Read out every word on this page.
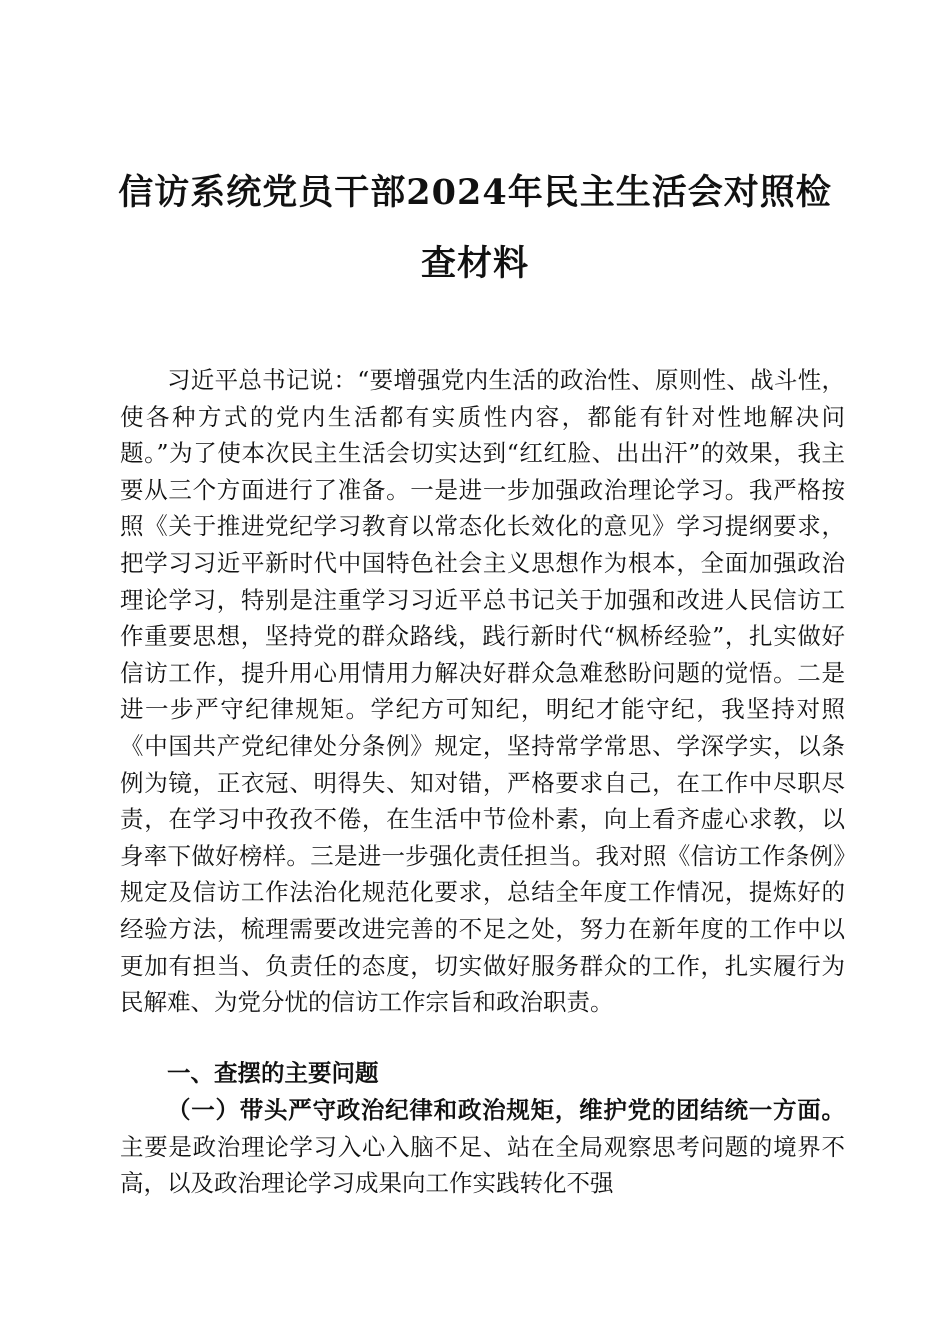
信访系统党员干部2024年民主生活会对照检
查材料

习近平总书记说：“要增强党内生活的政治性、原则性、战斗性，使各种方式的党内生活都有实质性内容，都能有针对性地解决问题。”为了使本次民主生活会切实达到“红红脸、出出汗”的效果，我主要从三个方面进行了准备。一是进一步加强政治理论学习。我严格按照《关于推进党纪学习教育以常态化长效化的意见》学习提纲要求，把学习习近平新时代中国特色社会主义思想作为根本，全面加强政治理论学习，特别是注重学习习近平总书记关于加强和改进人民信访工作重要思想，坚持党的群众路线，践行新时代“枫桥经验”，扎实做好信访工作，提升用心用情用力解决好群众急难愁盼问题的觉悟。二是进一步严守纪律规矩。学纪方可知纪，明纪才能守纪，我坚持对照《中国共产党纪律处分条例》规定，坚持常学常思、学深学实，以条例为镜，正衣冠、明得失、知对错，严格要求自己，在工作中尽职尽责，在学习中孜孜不倦，在生活中节俭朴素，向上看齐虚心求教，以身率下做好榜样。三是进一步强化责任担当。我对照《信访工作条例》规定及信访工作法治化规范化要求，总结全年度工作情况，提炼好的经验方法，梳理需要改进完善的不足之处，努力在新年度的工作中以更加有担当、负责任的态度，切实做好服务群众的工作，扎实履行为民解难、为党分忧的信访工作宗旨和政治职责。

一、查摆的主要问题

（一）带头严守政治纪律和政治规矩，维护党的团结统一方面。主要是政治理论学习入心入脑不足、站在全局观察思考问题的境界不高，以及政治理论学习成果向工作实践转化不强
